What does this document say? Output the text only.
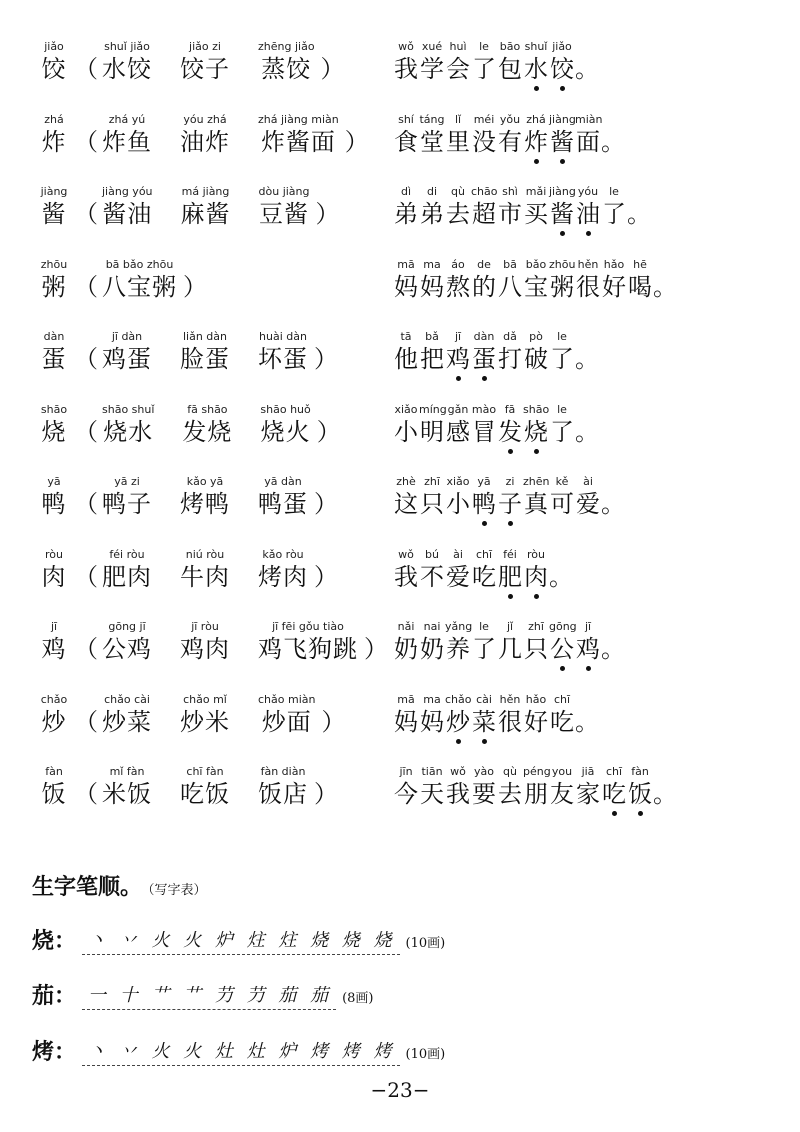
jiǎo
饺 （
shuǐ jiǎo
水饺
jiǎo zi
饺子
zhēng jiǎo
蒸饺 ）
wǒ
我
xué
学
huì
会
le
了
bāo
包
shuǐ
水
jiǎo
饺 。
zhá
炸 （
zhá yú
炸鱼
yóu zhá
油炸
zhá jiàng miàn
炸酱面 ）
shí
食
táng
堂
lǐ
里
méi
没
yǒu
有
zhá
炸
jiàng
酱
miàn
面 。
jiàng
酱 （
jiàng yóu
酱油
má jiàng
麻酱
dòu jiàng
豆酱 ）
dì
弟
di
弟
qù
去
chāo
超
shì
市
mǎi
买
jiàng
酱
yóu
油
le
了 。
zhōu
粥 （
bā bǎo zhōu
八宝粥 ）
mā
妈
ma
妈
áo
熬
de
的
bā
八
bǎo
宝
zhōu
粥
hěn
很
hǎo
好
hē
喝 。
dàn
蛋 （
jī dàn
鸡蛋
liǎn dàn
脸蛋
huài dàn
坏蛋 ）
tā
他
bǎ
把
jī
鸡
dàn
蛋
dǎ
打
pò
破
le
了 。
shāo
烧 （
shāo shuǐ
烧水
fā shāo
发烧
shāo huǒ
烧火 ）
xiǎo
小
míng
明
gǎn
感
mào
冒
fā
发
shāo
烧
le
了 。
yā
鸭 （
yā zi
鸭子
kǎo yā
烤鸭
yā dàn
鸭蛋 ）
zhè
这
zhī
只
xiǎo
小
yā
鸭
zi
子
zhēn
真
kě
可
ài
爱 。
ròu
肉 （
féi ròu
肥肉
niú ròu
牛肉
kǎo ròu
烤肉 ）
wǒ
我
bú
不
ài
爱
chī
吃
féi
肥
ròu
肉 。
jī
鸡 （
gōng jī
公鸡
jī ròu
鸡肉
jī fēi gǒu tiào
鸡飞狗跳 ）
nǎi
奶
nai
奶
yǎng
养
le
了
jǐ
几
zhī
只
gōng
公
jī
鸡 。
chǎo
炒 （
chǎo cài
炒菜
chǎo mǐ
炒米
chǎo miàn
炒面 ）
mā
妈
ma
妈
chǎo
炒
cài
菜
hěn
很
hǎo
好
chī
吃 。
fàn
饭 （
mǐ fàn
米饭
chī fàn
吃饭
fàn diàn
饭店 ）
jīn
今
tiān
天
wǒ
我
yào
要
qù
去
péng
朋
you
友
jiā
家
chī
吃
fàn
饭 。
生字笔顺。 （写字表）
烧： 丶 丷 火 火 炉 炷 炷 烧 烧 烧 (10画)
茄： 一 十 艹 艹 芀 芀 茄 茄 (8画)
烤： 丶 丷 火 火 灶 灶 炉 烤 烤 烤 (10画)
−23−
